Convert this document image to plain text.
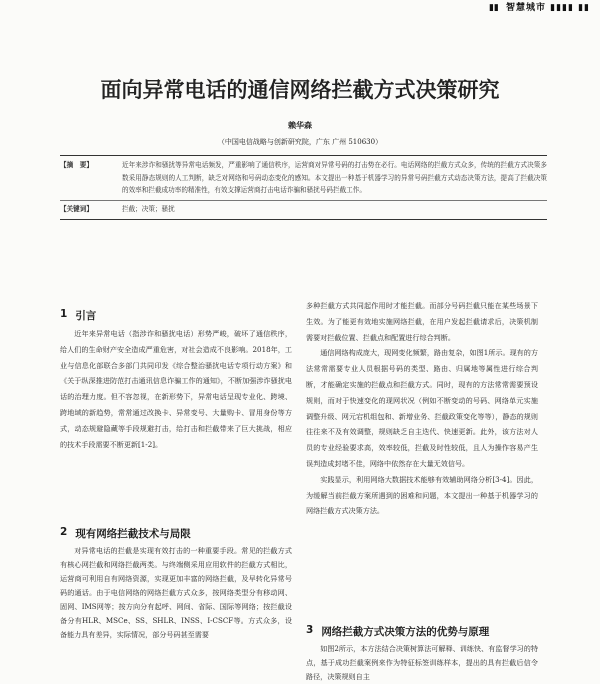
▮▮ 智慧城市 ▮▮▮▮ ▮▮
面向异常电话的通信网络拦截方式决策研究
赖华森
（中国电信战略与创新研究院，广东 广州 510630）
【摘　要】	近年来涉诈和骚扰等异常电话频发，严重影响了通信秩序，运营商对异常号码的打击势在必行。电话网络的拦截方式众多，传统的拦截方式决策多数采用静态规则的人工判断，缺乏对网络和号码动态变化的感知。本文提出一种基于机器学习的异常号码拦截方式动态决策方法，提高了拦截决策的效率和拦截成功率的精准性，有效支撑运营商打击电话诈骗和骚扰号码拦截工作。
【关键词】	拦截；决策；骚扰
1 引言

近年来异常电话（指涉诈和骚扰电话）形势严峻，破坏了通信秩序，给人们的生命财产安全造成严重危害，对社会造成不良影响。2018年，工业与信息化部联合多部门共同印发《综合整治骚扰电话专项行动方案》和《关于纵深推进防范打击通讯信息诈骗工作的通知》，不断加强涉诈骚扰电话的治理力度。但不容忽视，在新形势下，异常电话呈现专业化、跨境、跨地域的新趋势，常常通过改换卡、异常变号、大量购卡、冒用身份等方式，动态规避隐藏等手段规避打击，给打击和拦截带来了巨大挑战，相应的技术手段需要不断更新[1-2]。

2 现有网络拦截技术与局限

对异常电话的拦截是实现有效打击的一种重要手段。常见的拦截方式有核心网拦截和网络拦截两类。与终端侧采用应用软件的拦截方式相比，运营商可利用自有网络资源，实现更加丰富的网络拦截，及早转化异常号码的通话。由于电信网络的网络拦截方式众多，按网络类型分有移动网、固网、IMS网等；按方向分有起呼、网间、省际、国际等网络；按拦截设备分有HLR、MSCe、SS、SHLR、INSS、I-CSCF等。方式众多，设备能力具有差异，实际情况，部分号码甚至需要

多种拦截方式共同起作用时才能拦截。而部分号码拦截只能在某些场景下生效。为了能更有效地实施网络拦截，在用户发起拦截请求后，决策机制需要对拦截位置、拦截点和配置进行综合判断。

通信网络构成庞大，现网变化频繁，路由复杂，如图1所示。现有的方法常常需要专业人员根据号码的类型、路由、归属地等属性进行综合判断，才能确定实施的拦截点和拦截方式。同时，现有的方法常常需要预设规则，而对于快速变化的现网状况（例如不断变动的号码、网络单元实施调整升级、网元宕机组包和、新增业务、拦截政策变化等等），静态的规则往往来不及有效调整，规则缺乏自主迭代、快速更新。此外，该方法对人员的专业经验要求高，效率较低，拦截及时性较低，且人为操作容易产生误判造成封堵不佳，网络中依然存在大量无效信号。

实践显示，利用网络大数据技术能够有效辅助网络分析[3-4]。因此，为缓解当前拦截方案所遇到的困难和问题，本文提出一种基于机器学习的网络拦截方式决策方法。

3 网络拦截方式决策方法的优势与原理

如图2所示，本方法结合决策树算法可解释、训练快、有监督学习的特点，基于成功拦截案例来作为特征标签训练样本，提出的具有拦截后信令路径，决策规则自主
